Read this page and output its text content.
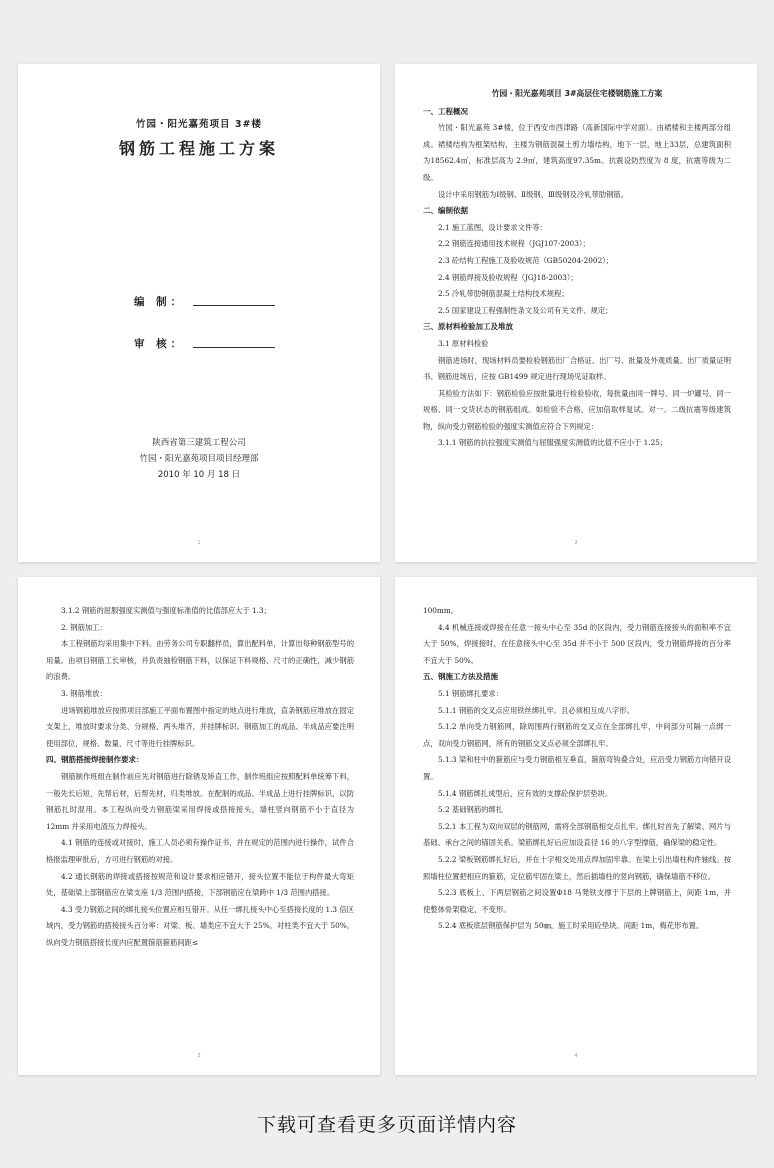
竹园・阳光嘉苑项目 3#楼
钢筋工程施工方案
编 制：
陕西省第三建筑工程公司
竹园・阳光嘉苑项目项目经理部
2010 年 10 月 18 日
1
审 核：
竹园・阳光嘉苑项目 3#高层住宅楼钢筋施工方案

一、工程概况

竹园・阳光嘉苑 3#楼，位于西安市西津路（高新国际中学对面）。由裙楼和主楼两部分组成。裙楼结构为框架结构，主楼为钢筋混凝土剪力墙结构，地下一层，地上33层，总建筑面积为18562.4㎡，标准层高为 2.9㎡，建筑高度97.35m。抗震设防烈度为 8 度，抗震等级为二级。

设计中采用钢筋为Ⅰ级钢、Ⅱ级钢、Ⅲ级钢及冷轧带肋钢筋。

二、编制依据

2.1 施工蓝图，设计要求文件等：

2.2 钢筋连接通用技术规程（JGJ107-2003）；

2.3 砼结构工程施工及验收规范（GB50204-2002）；

2.4 钢筋焊接及验收规程（JGJ18-2003）；

2.5 冷轧带肋钢筋混凝土结构技术规程；

2.5 国家建设工程强制性条文及公司有关文件、规定；

三、原材料检验加工及堆放

3.1 原材料检验

钢筋进场时，现场材料员要检验钢筋出厂合格证、出厂号、批量及外观质量、出厂质量证明书、钢筋进场后，应按 GB1499 规定进行现场见证取样。

其检验方法如下：钢筋检验应按批量进行检验验收，每批量由同一牌号、同一炉罐号、同一规格、同一交货状态的钢筋组成。如检验不合格，应加倍取样复试。对一、二级抗震等级建筑物，纵向受力钢筋检验的强度实测值应符合下列规定：

3.1.1 钢筋的抗拉强度实测值与屈服强度实测值的比值不应小于 1.25；

2

3.1.2 钢筋的屈服强度实测值与强度标准值的比值部应大于 1.3；

2. 钢筋加工：

本工程钢筋均采用集中下料。由劳务公司专职翻样员，算出配料单，计算出每种钢筋型号的用量。由项目钢筋工长审核，并负责抽检钢筋下料，以保证下料规格、尺寸的正确性，减少钢筋的浪费。

3. 钢筋堆放：

进场钢筋堆放应按照项目部施工平面布置图中指定的地点进行堆放，直条钢筋应堆放在固定支架上，堆放时要求分类、分规格、两头堆齐，并挂牌标识。钢筋加工的成品、半成品应要注明使用部位，规格、数量、尺寸等进行挂牌标识。

四、钢筋搭接焊接制作要求：

钢筋制作班组在制作前应先对钢筋进行除锈及矫直工作，制作班组应按照配料单统筹下料，一般先长后短，先帮后材，后帮先材，归类堆放。在配制的成品、半成品上进行挂牌标识，以防钢筋扎时混用。本工程纵向受力钢筋梁采用焊接或搭接接头，墙柱竖向钢筋不小于直径为 12mm 并采用电渣压力焊接头。

4.1 钢筋的连接或对接时，施工人员必须有操作证书，并在规定的范围内进行操作，试件合格报监理审批后，方可进行钢筋的对接。

4.2 通长钢筋的焊接或搭接按规范和设计要求相应错开，接头位置不能位于构件最大弯矩处，基础梁上部钢筋应在梁支座 1/3 范围内搭接，下部钢筋应在梁跨中 1/3 范围内搭接。

4.3 受力钢筋之间的绑扎接头位置应相互错开。从任一绑扎接头中心至搭接长度的 1.3 倍区域内，受力钢筋的搭接接头百分率：对梁、板、墙类应不宜大于 25%。对柱类不宜大于 50%。纵向受力钢筋搭接长度内应配置箍筋箍筋间距≤

3

100mm。

4.4 机械连接或焊接在任意一接头中心至 35d 的区段内，受力钢筋连接接头的面积率不宜大于 50%，焊接接时，在任意接头中心至 35d 并不小于 500 区段内，受力钢筋焊接的百分率不宜大于 50%。

五、钢施工方法及措施

5.1 钢筋绑扎要求：

5.1.1 钢筋的交叉点应用铁丝绑扎牢。且必须相互成八字形。

5.1.2 单向受力钢筋网，除周围两行钢筋的交叉点在全部绑扎牢，中间部分可隔一点绑一点，双向受力钢筋网，所有的钢筋交叉点必须全部绑扎牢。

5.1.3 梁和柱中的箍筋应与受力钢筋相互垂直，箍筋弯钩叠合处，应沿受力钢筋方向错开设置。

5.1.4 钢筋绑扎成型后，应有效的支撑砼保护层垫块。

5.2 基础钢筋的绑扎

5.2.1 本工程为双向双层的钢筋网，需将全部钢筋相交点扎牢。绑扎时首先了解梁、网片与基础、承台之间的锚固关系。梁筋绑扎好后应加设直径 16 的八字型撑筋，确保梁的稳定性。

5.2.2 梁板钢筋绑扎好后，并在十字相交处用点焊加固牢靠。在梁上引出墙柱构件轴线。按照墙柱位置把相应的箍筋，定位筋牢固在梁上，然后插墙柱的竖向钢筋，确保墙筋不移位。

5.2.3 底板上、下两层钢筋之间设置Φ18 马凳铁支撑于下层的上牌钢筋上，间距 1m，并使整体骨架稳定，不变形。

5.2.4 底板底层钢筋保护层为 50㎜，施工时采用砼垫块。间距 1m，梅花形布置。

4
下载可查看更多页面详情内容
